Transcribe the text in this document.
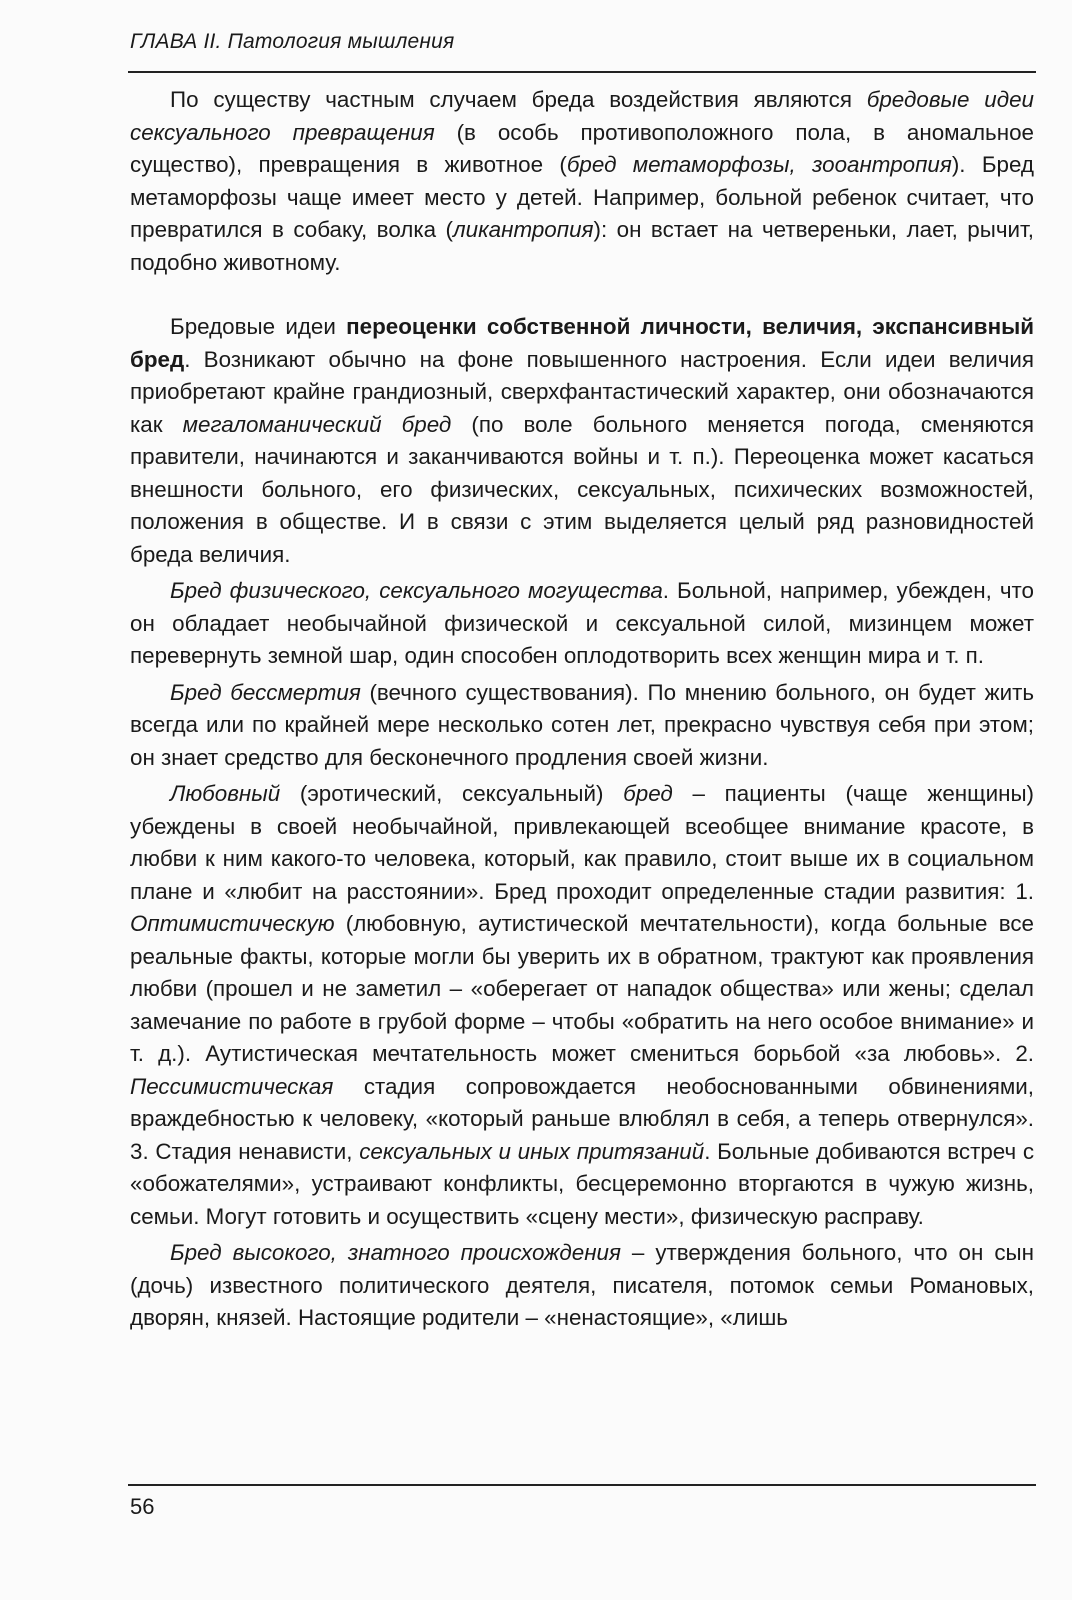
ГЛАВА II. Патология мышления

По существу частным случаем бреда воздействия являются бредовые идеи сексуального превращения (в особь противоположного пола, в аномальное существо), превращения в животное (бред метаморфозы, зооантропия). Бред метаморфозы чаще имеет место у детей. Например, больной ребенок считает, что превратился в собаку, волка (ликантропия): он встает на четвереньки, лает, рычит, подобно животному.

Бредовые идеи переоценки собственной личности, величия, экспансивный бред. Возникают обычно на фоне повышенного настроения. Если идеи величия приобретают крайне грандиозный, сверхфантастический характер, они обозначаются как мегаломанический бред (по воле больного меняется погода, сменяются правители, начинаются и заканчиваются войны и т. п.). Переоценка может касаться внешности больного, его физических, сексуальных, психических возможностей, положения в обществе. И в связи с этим выделяется целый ряд разновидностей бреда величия.

Бред физического, сексуального могущества. Больной, например, убежден, что он обладает необычайной физической и сексуальной силой, мизинцем может перевернуть земной шар, один способен оплодотворить всех женщин мира и т. п.

Бред бессмертия (вечного существования). По мнению больного, он будет жить всегда или по крайней мере несколько сотен лет, прекрасно чувствуя себя при этом; он знает средство для бесконечного продления своей жизни.

Любовный (эротический, сексуальный) бред – пациенты (чаще женщины) убеждены в своей необычайной, привлекающей всеобщее внимание красоте, в любви к ним какого-то человека, который, как правило, стоит выше их в социальном плане и «любит на расстоянии». Бред проходит определенные стадии развития: 1. Оптимистическую (любовную, аутистической мечтательности), когда больные все реальные факты, которые могли бы уверить их в обратном, трактуют как проявления любви (прошел и не заметил – «оберегает от нападок общества» или жены; сделал замечание по работе в грубой форме – чтобы «обратить на него особое внимание» и т. д.). Аутистическая мечтательность может смениться борьбой «за любовь». 2. Пессимистическая стадия сопровождается необоснованными обвинениями, враждебностью к человеку, «который раньше влюблял в себя, а теперь отвернулся». 3. Стадия ненависти, сексуальных и иных притязаний. Больные добиваются встреч с «обожателями», устраивают конфликты, бесцеремонно вторгаются в чужую жизнь, семьи. Могут готовить и осуществить «сцену мести», физическую расправу.

Бред высокого, знатного происхождения – утверждения больного, что он сын (дочь) известного политического деятеля, писателя, потомок семьи Романовых, дворян, князей. Настоящие родители – «ненастоящие», «лишь

56
